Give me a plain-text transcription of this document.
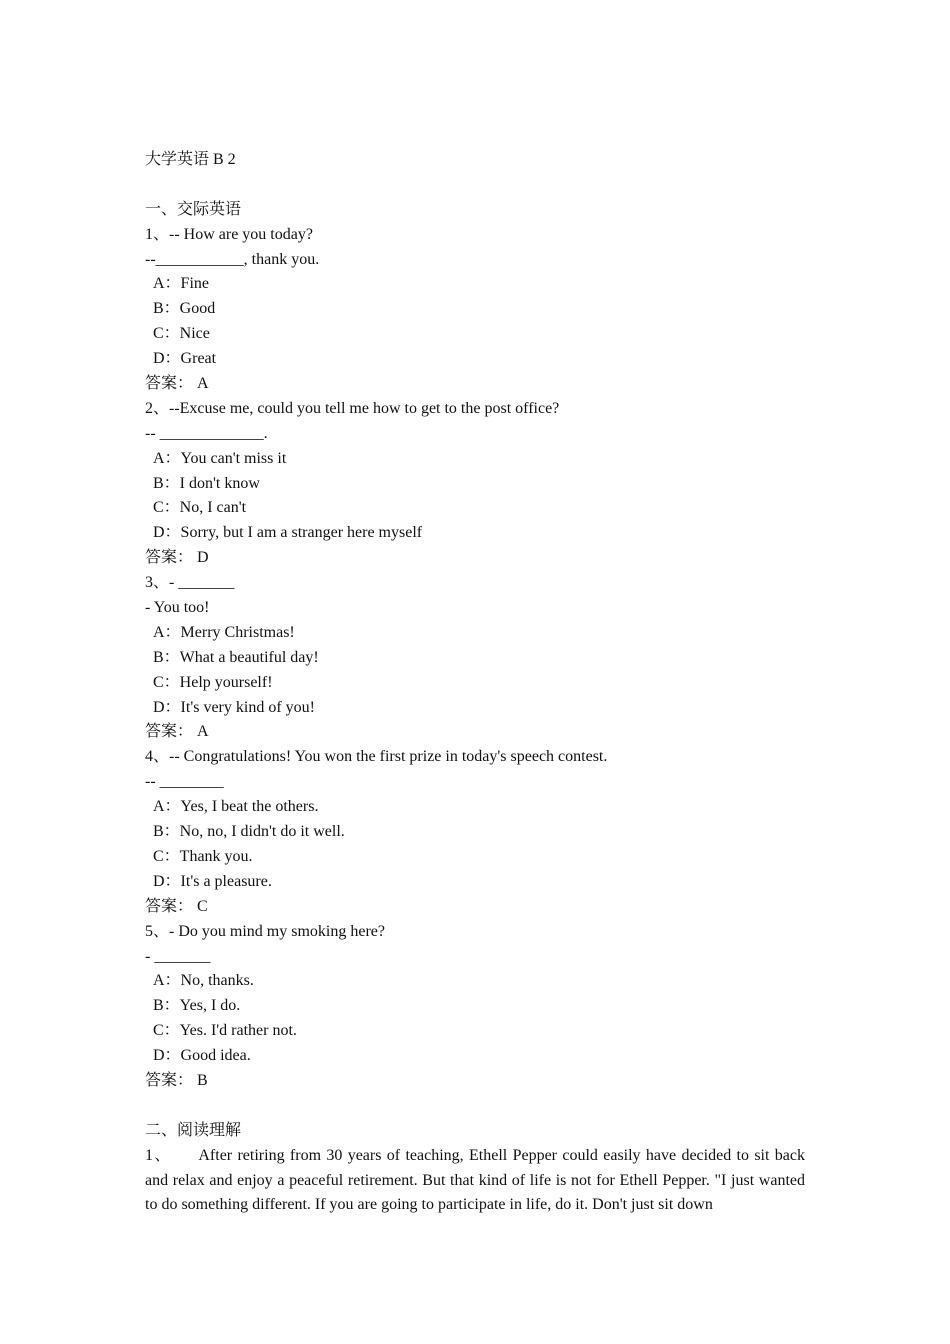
大学英语 B 2
一、交际英语
1、-- How are you today?
--___________, thank you.
A：Fine
B：Good
C：Nice
D：Great
答案： A
2、--Excuse me, could you tell me how to get to the post office?
-- _____________.
A：You can't miss it
B：I don't know
C：No, I can't
D：Sorry, but I am a stranger here myself
答案： D
3、- _______
- You too!
A：Merry Christmas!
B：What a beautiful day!
C：Help yourself!
D：It's very kind of you!
答案： A
4、-- Congratulations! You won the first prize in today's speech contest.
-- ________
A：Yes, I beat the others.
B：No, no, I didn't do it well.
C：Thank you.
D：It's a pleasure.
答案： C
5、- Do you mind my smoking here?
- _______
A：No, thanks.
B：Yes, I do.
C：Yes. I'd rather not.
D：Good idea.
答案： B
二、阅读理解
1、　　After retiring from 30 years of teaching, Ethell Pepper could easily have decided to sit back and relax and enjoy a peaceful retirement. But that kind of life is not for Ethell Pepper. "I just wanted to do something different. If you are going to participate in life, do it. Don't just sit down
